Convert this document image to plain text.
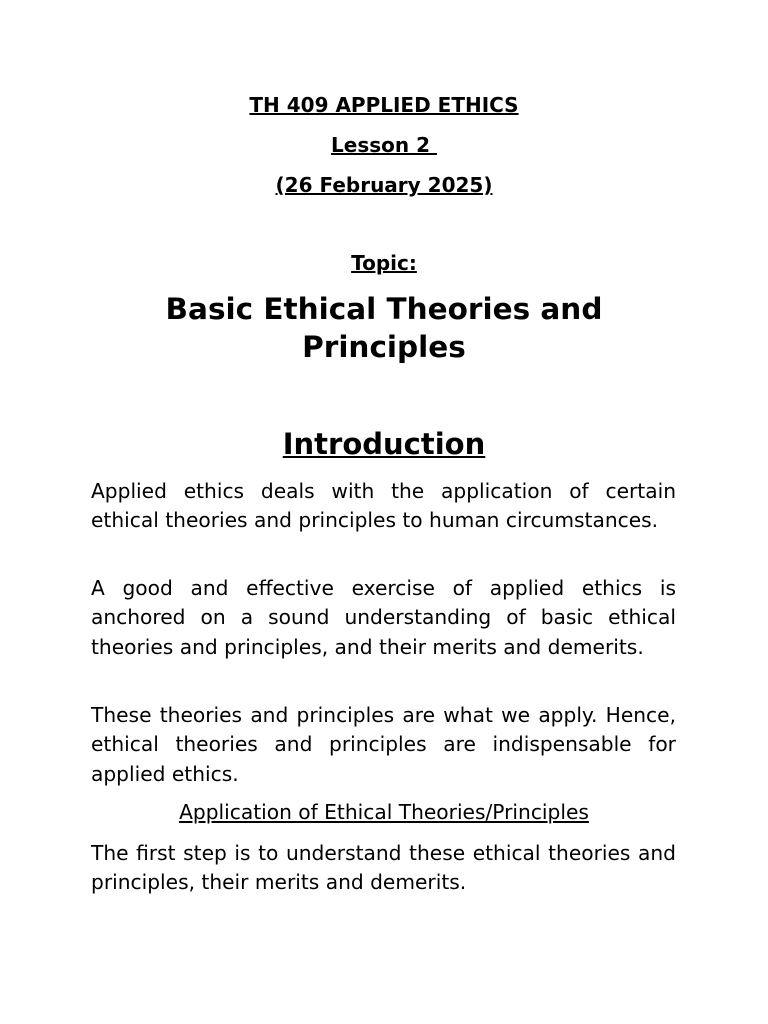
TH 409 APPLIED ETHICS
Lesson 2
(26 February 2025)
Topic:
Basic Ethical Theories and Principles
Introduction

Applied ethics deals with the application of certain ethical theories and principles to human circumstances.

A good and effective exercise of applied ethics is anchored on a sound understanding of basic ethical theories and principles, and their merits and demerits.

These theories and principles are what we apply. Hence, ethical theories and principles are indispensable for applied ethics.

Application of Ethical Theories/Principles

The first step is to understand these ethical theories and principles, their merits and demerits.
